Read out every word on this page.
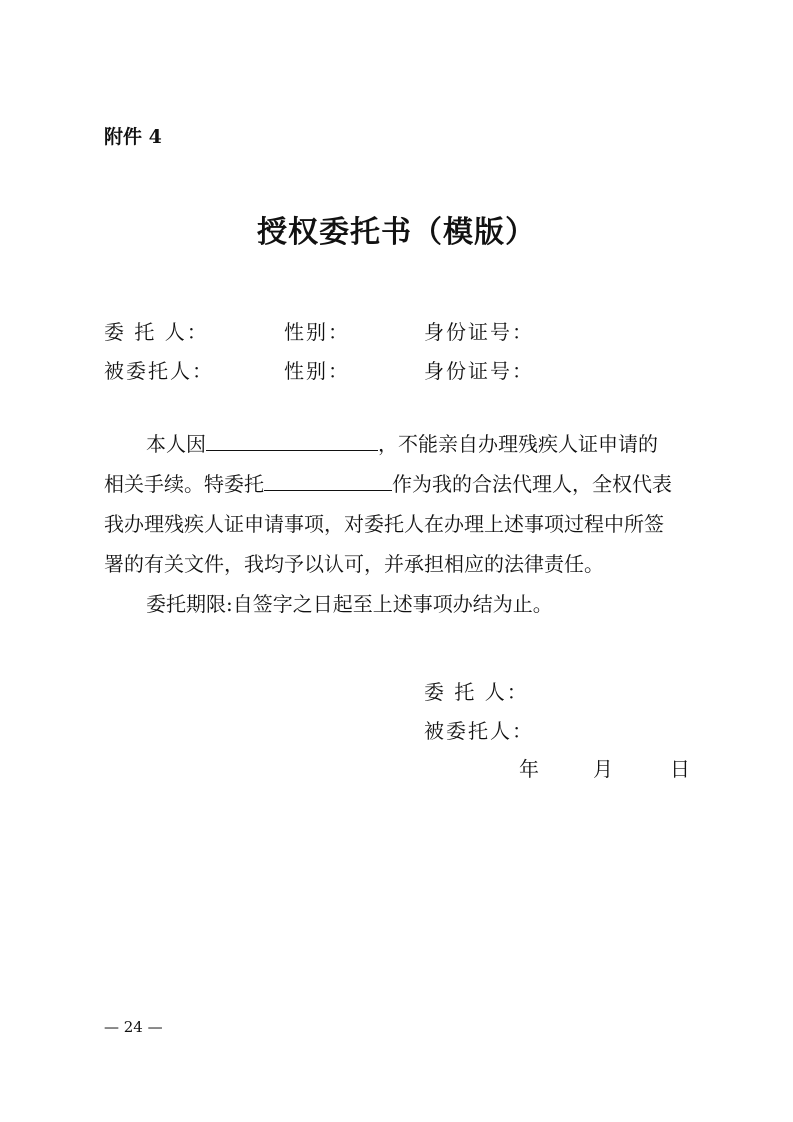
附件 4
授权委托书（模版）
委 托 人：	性别：	身份证号：
被委托人：	性别：	身份证号：

本人因	，不能亲自办理残疾人证申请的

相关手续。特委托	作为我的合法代理人，全权代表

我办理残疾人证申请事项，对委托人在办理上述事项过程中所签

署的有关文件，我均予以认可，并承担相应的法律责任。

委托期限:自签字之日起至上述事项办结为止。

委 托 人：
被委托人：
年	月	日
— 24 —
